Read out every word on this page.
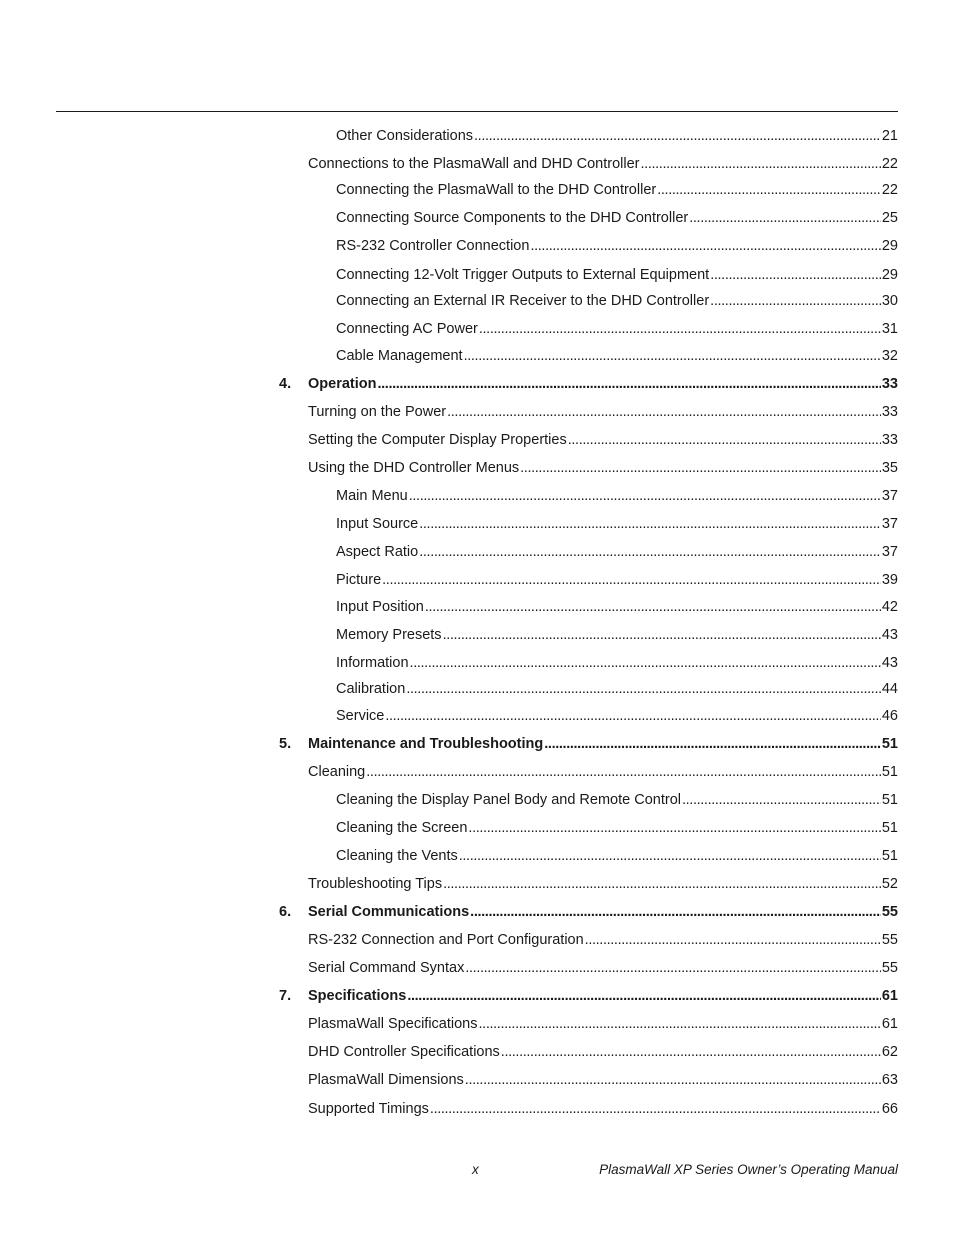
Other Considerations . . .	21
Connections to the PlasmaWall and DHD Controller . . .	22
Connecting the PlasmaWall to the DHD Controller . . .	22
Connecting Source Components to the DHD Controller . . .	25
RS-232 Controller Connection . . .	29
Connecting 12-Volt Trigger Outputs to External Equipment . . .	29
Connecting an External IR Receiver to the DHD Controller . . .	30
Connecting AC Power . . .	31
Cable Management . . .	32
4. Operation . . .	33
Turning on the Power . . .	33
Setting the Computer Display Properties . . .	33
Using the DHD Controller Menus . . .	35
Main Menu . . .	37
Input Source . . .	37
Aspect Ratio . . .	37
Picture . . .	39
Input Position . . .	42
Memory Presets . . .	43
Information . . .	43
Calibration . . .	44
Service . . .	46
5. Maintenance and Troubleshooting . . .	51
Cleaning . . .	51
Cleaning the Display Panel Body and Remote Control . . .	51
Cleaning the Screen . . .	51
Cleaning the Vents . . .	51
Troubleshooting Tips . . .	52
6. Serial Communications . . .	55
RS-232 Connection and Port Configuration . . .	55
Serial Command Syntax . . .	55
7. Specifications . . .	61
PlasmaWall Specifications . . .	61
DHD Controller Specifications . . .	62
PlasmaWall Dimensions . . .	63
Supported Timings . . .	66
x	PlasmaWall XP Series Owner’s Operating Manual
